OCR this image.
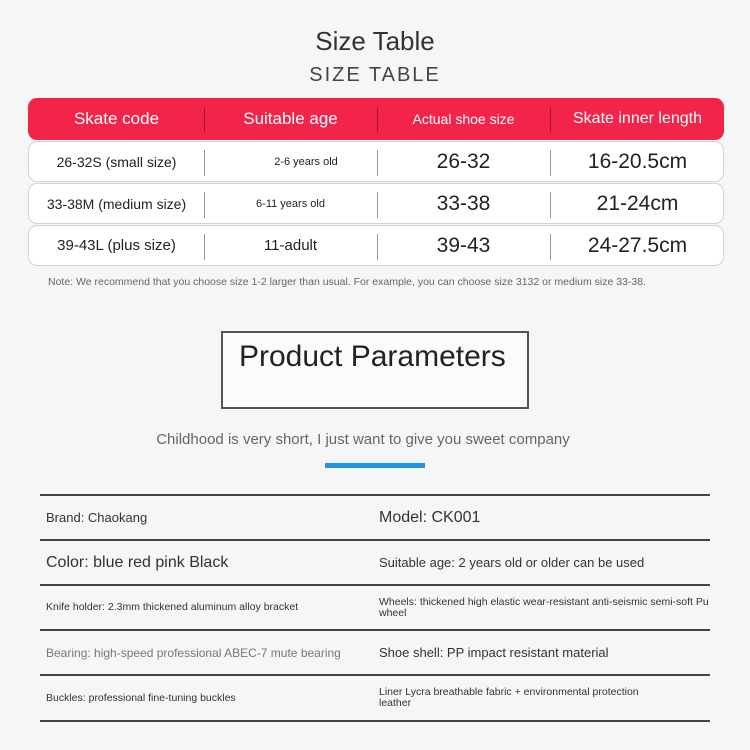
Size Table
SIZE TABLE
Skate code	Suitable age	Actual shoe size	Skate inner length
26-32S (small size)	2-6 years old	26-32	16-20.5cm
33-38M (medium size)	6-11 years old	33-38	21-24cm
39-43L (plus size)	11-adult	39-43	24-27.5cm
Note: We recommend that you choose size 1-2 larger than usual. For example, you can choose size 3132 or medium size 33-38.
Product Parameters
Childhood is very short, I just want to give you sweet company
Brand: Chaokang	Model: CK001
Color: blue red pink Black	Suitable age: 2 years old or older can be used
Knife holder: 2.3mm thickened aluminum alloy bracket	Wheels: thickened high elastic wear-resistant anti-seismic semi-soft Pu wheel
Bearing: high-speed professional ABEC-7 mute bearing	Shoe shell: PP impact resistant material
Buckles: professional fine-tuning buckles	Liner Lycra breathable fabric + environmental protection leather
